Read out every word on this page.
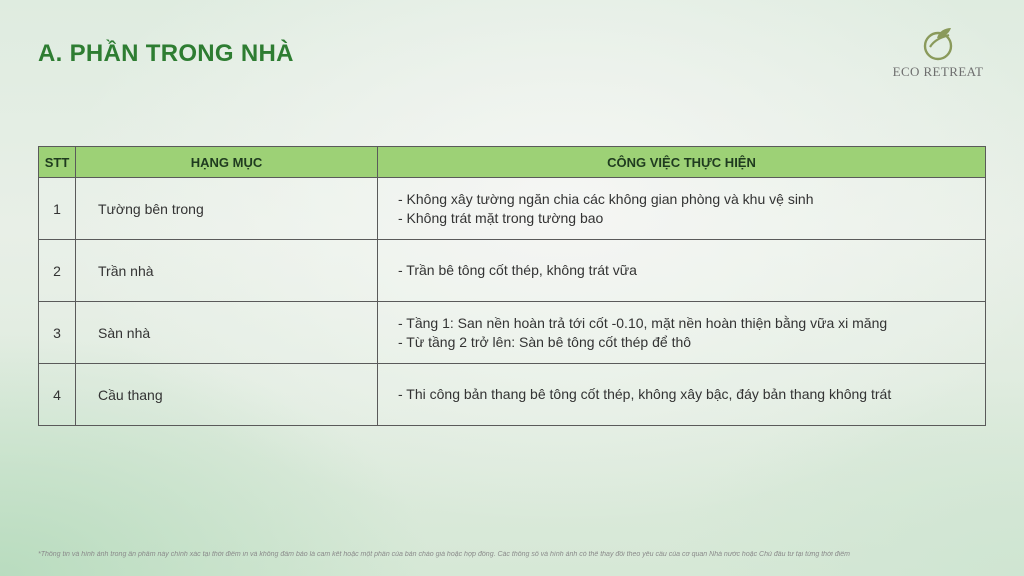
A. PHẦN TRONG NHÀ
ECO RETREAT
STT	HẠNG MỤC	CÔNG VIỆC THỰC HIỆN
1	Tường bên trong	- Không xây tường ngăn chia các không gian phòng và khu vệ sinh
- Không trát mặt trong tường bao

2	Trần nhà	- Trần bê tông cốt thép, không trát vữa

3	Sàn nhà	- Tầng 1: San nền hoàn trả tới cốt -0.10, mặt nền hoàn thiện bằng vữa xi măng
- Từ tầng 2 trở lên: Sàn bê tông cốt thép để thô

4	Cầu thang	- Thi công bản thang bê tông cốt thép, không xây bậc, đáy bản thang không trát
*Thông tin và hình ảnh trong ấn phẩm này chính xác tại thời điểm in và không đảm bảo là cam kết hoặc một phần của bản chào giá hoặc hợp đồng. Các thông số và hình ảnh có thể thay đổi theo yêu cầu của cơ quan Nhà nước hoặc Chủ đầu tư tại từng thời điểm
